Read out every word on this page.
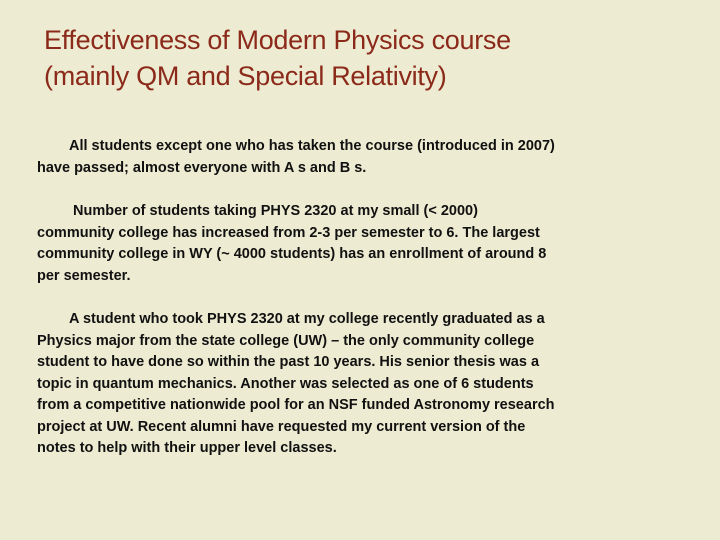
Effectiveness of Modern Physics course
(mainly QM and Special Relativity)

All students except one who has taken the course (introduced in 2007)
have passed; almost everyone with A s and B s.

Number of students taking PHYS 2320 at my small (< 2000)
community college has increased from 2-3 per semester to 6. The largest
community college in WY (~ 4000 students) has an enrollment of around 8
per semester.

A student who took PHYS 2320 at my college recently graduated as a
Physics major from the state college (UW) – the only community college
student to have done so within the past 10 years. His senior thesis was a
topic in quantum mechanics. Another was selected as one of 6 students
from a competitive nationwide pool for an NSF funded Astronomy research
project at UW. Recent alumni have requested my current version of the
notes to help with their upper level classes.
